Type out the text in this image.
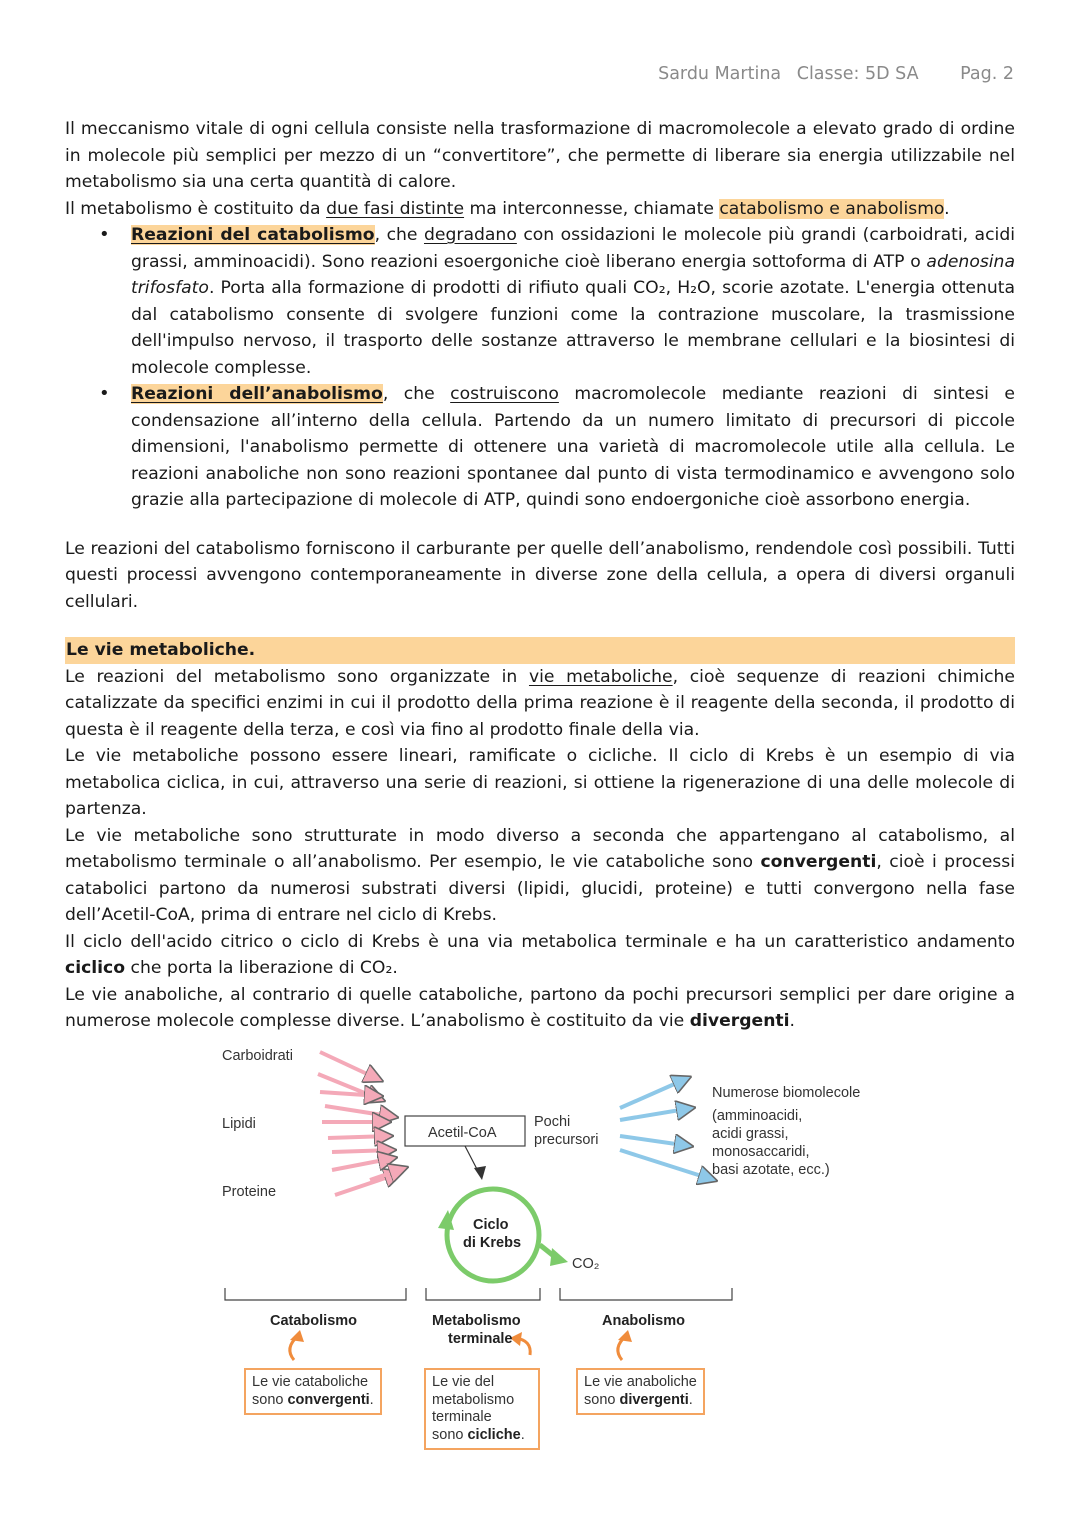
Sardu Martina Classe: 5D SA Pag. 2

Il meccanismo vitale di ogni cellula consiste nella trasformazione di macromolecole a elevato grado di ordine in molecole più semplici per mezzo di un “convertitore”, che permette di liberare sia energia utilizzabile nel metabolismo sia una certa quantità di calore.

Il metabolismo è costituito da due fasi distinte ma interconnesse, chiamate catabolismo e anabolismo.

• Reazioni del catabolismo, che degradano con ossidazioni le molecole più grandi (carboidrati, acidi grassi, amminoacidi). Sono reazioni esoergoniche cioè liberano energia sottoforma di ATP o adenosina trifosfato. Porta alla formazione di prodotti di rifiuto quali CO₂, H₂O, scorie azotate. L'energia ottenuta dal catabolismo consente di svolgere funzioni come la contrazione muscolare, la trasmissione dell'impulso nervoso, il trasporto delle sostanze attraverso le membrane cellulari e la biosintesi di molecole complesse.
• Reazioni dell’anabolismo, che costruiscono macromolecole mediante reazioni di sintesi e condensazione all’interno della cellula. Partendo da un numero limitato di precursori di piccole dimensioni, l'anabolismo permette di ottenere una varietà di macromolecole utile alla cellula. Le reazioni anaboliche non sono reazioni spontanee dal punto di vista termodinamico e avvengono solo grazie alla partecipazione di molecole di ATP, quindi sono endoergoniche cioè assorbono energia.

Le reazioni del catabolismo forniscono il carburante per quelle dell’anabolismo, rendendole così possibili. Tutti questi processi avvengono contemporaneamente in diverse zone della cellula, a opera di diversi organuli cellulari.

Le vie metaboliche.

Le reazioni del metabolismo sono organizzate in vie metaboliche, cioè sequenze di reazioni chimiche catalizzate da specifici enzimi in cui il prodotto della prima reazione è il reagente della seconda, il prodotto di questa è il reagente della terza, e così via fino al prodotto finale della via.

Le vie metaboliche possono essere lineari, ramificate o cicliche. Il ciclo di Krebs è un esempio di via metabolica ciclica, in cui, attraverso una serie di reazioni, si ottiene la rigenerazione di una delle molecole di partenza.

Le vie metaboliche sono strutturate in modo diverso a seconda che appartengano al catabolismo, al metabolismo terminale o all’anabolismo. Per esempio, le vie cataboliche sono convergenti, cioè i processi catabolici partono da numerosi substrati diversi (lipidi, glucidi, proteine) e tutti convergono nella fase dell’Acetil-CoA, prima di entrare nel ciclo di Krebs.

Il ciclo dell'acido citrico o ciclo di Krebs è una via metabolica terminale e ha un caratteristico andamento ciclico che porta la liberazione di CO₂.

Le vie anaboliche, al contrario di quelle cataboliche, partono da pochi precursori semplici per dare origine a numerose molecole complesse diverse. L’anabolismo è costituito da vie divergenti.

Carboidrati
Lipidi
Proteine
Acetil-CoA
Pochi
precursori
Ciclo
di Krebs
CO₂
Numerose biomolecole
(amminoacidi,
acidi grassi,
monosaccaridi,
basi azotate, ecc.)
Catabolismo	Metabolismo
terminale
Anabolismo
Le vie cataboliche
sono convergenti.
Le vie del
metabolismo
terminale
sono cicliche.
Le vie anaboliche
sono divergenti.
